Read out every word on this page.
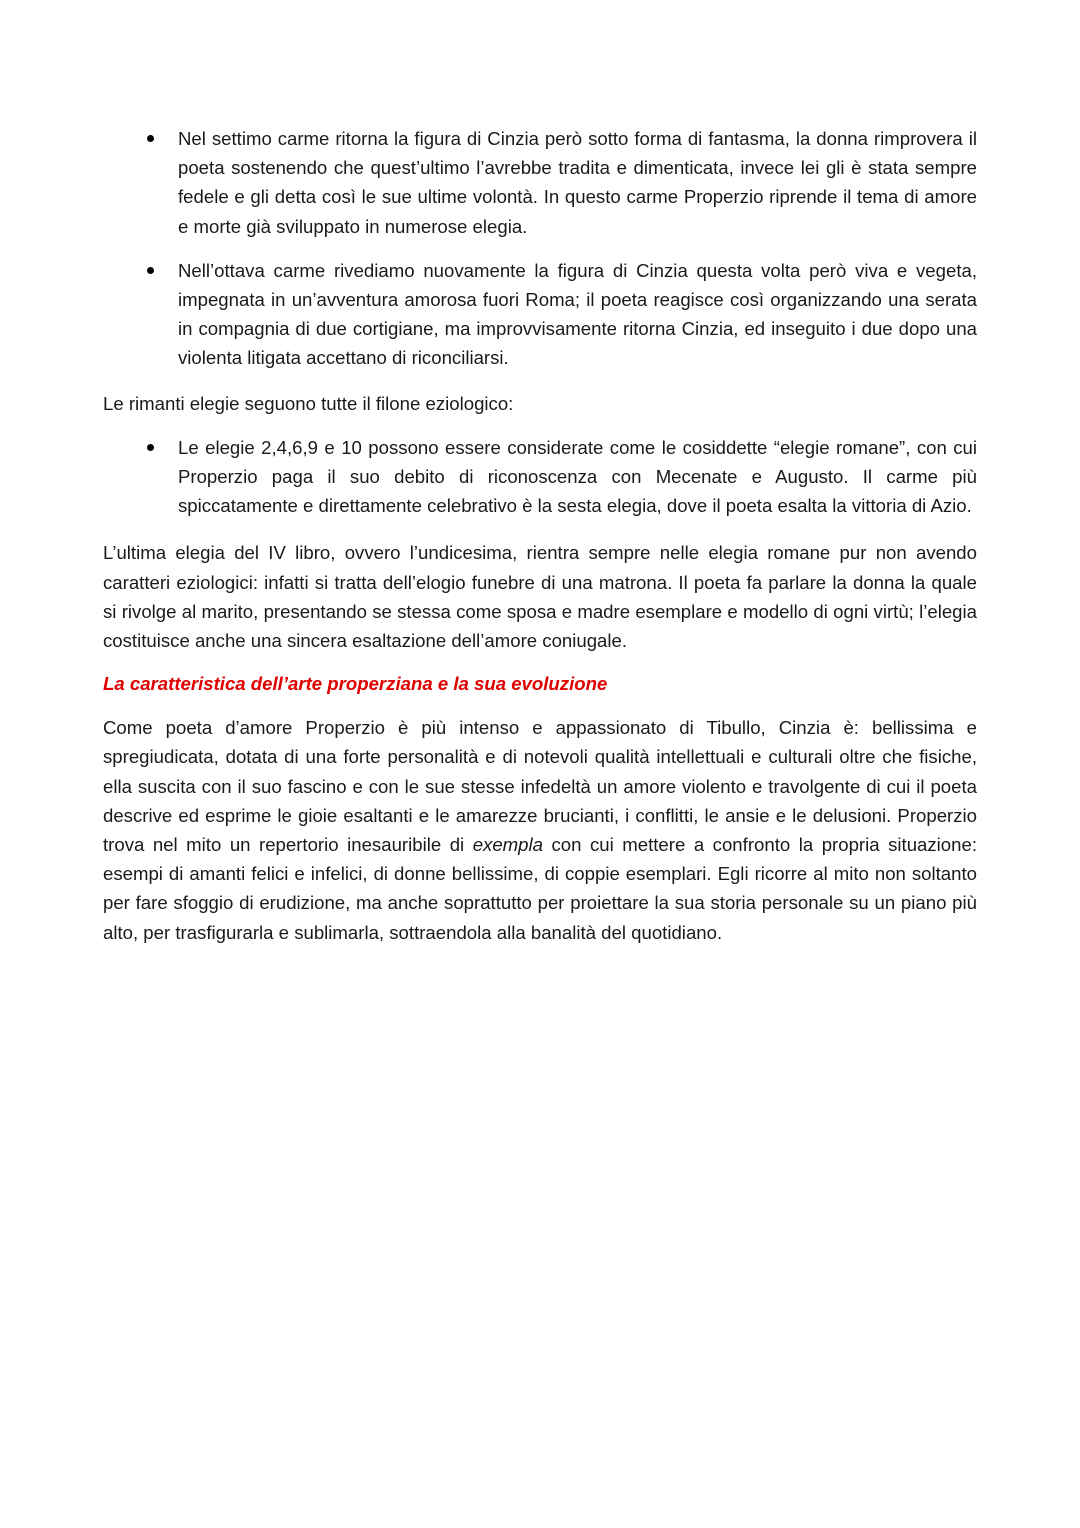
Nel settimo carme ritorna la figura di Cinzia però sotto forma di fantasma, la donna rimprovera il poeta sostenendo che quest’ultimo l’avrebbe tradita e dimenticata, invece lei gli è stata sempre fedele e gli detta così le sue ultime volontà. In questo carme Properzio riprende il tema di amore e morte già sviluppato in numerose elegia.

Nell’ottava carme rivediamo nuovamente la figura di Cinzia questa volta però viva e vegeta, impegnata in un’avventura amorosa fuori Roma; il poeta reagisce così organizzando una serata in compagnia di due cortigiane, ma improvvisamente ritorna Cinzia, ed inseguito i due dopo una violenta litigata accettano di riconciliarsi.

Le rimanti elegie seguono tutte il filone eziologico:

Le elegie 2,4,6,9 e 10 possono essere considerate come le cosiddette “elegie romane”, con cui Properzio paga il suo debito di riconoscenza con Mecenate e Augusto. Il carme più spiccatamente e direttamente celebrativo è la sesta elegia, dove il poeta esalta la vittoria di Azio.

L’ultima elegia del IV libro, ovvero l’undicesima, rientra sempre nelle elegia romane pur non avendo caratteri eziologici: infatti si tratta dell’elogio funebre di una matrona. Il poeta fa parlare la donna la quale si rivolge al marito, presentando se stessa come sposa e madre esemplare e modello di ogni virtù; l’elegia costituisce anche una sincera esaltazione dell’amore coniugale.

La caratteristica dell’arte properziana e la sua evoluzione

Come poeta d’amore Properzio è più intenso e appassionato di Tibullo, Cinzia è: bellissima e spregiudicata, dotata di una forte personalità e di notevoli qualità intellettuali e culturali oltre che fisiche, ella suscita con il suo fascino e con le sue stesse infedeltà un amore violento e travolgente di cui il poeta descrive ed esprime le gioie esaltanti e le amarezze brucianti, i conflitti, le ansie e le delusioni. Properzio trova nel mito un repertorio inesauribile di exempla con cui mettere a confronto la propria situazione: esempi di amanti felici e infelici, di donne bellissime, di coppie esemplari. Egli ricorre al mito non soltanto per fare sfoggio di erudizione, ma anche soprattutto per proiettare la sua storia personale su un piano più alto, per trasfigurarla e sublimarla, sottraendola alla banalità del quotidiano.
